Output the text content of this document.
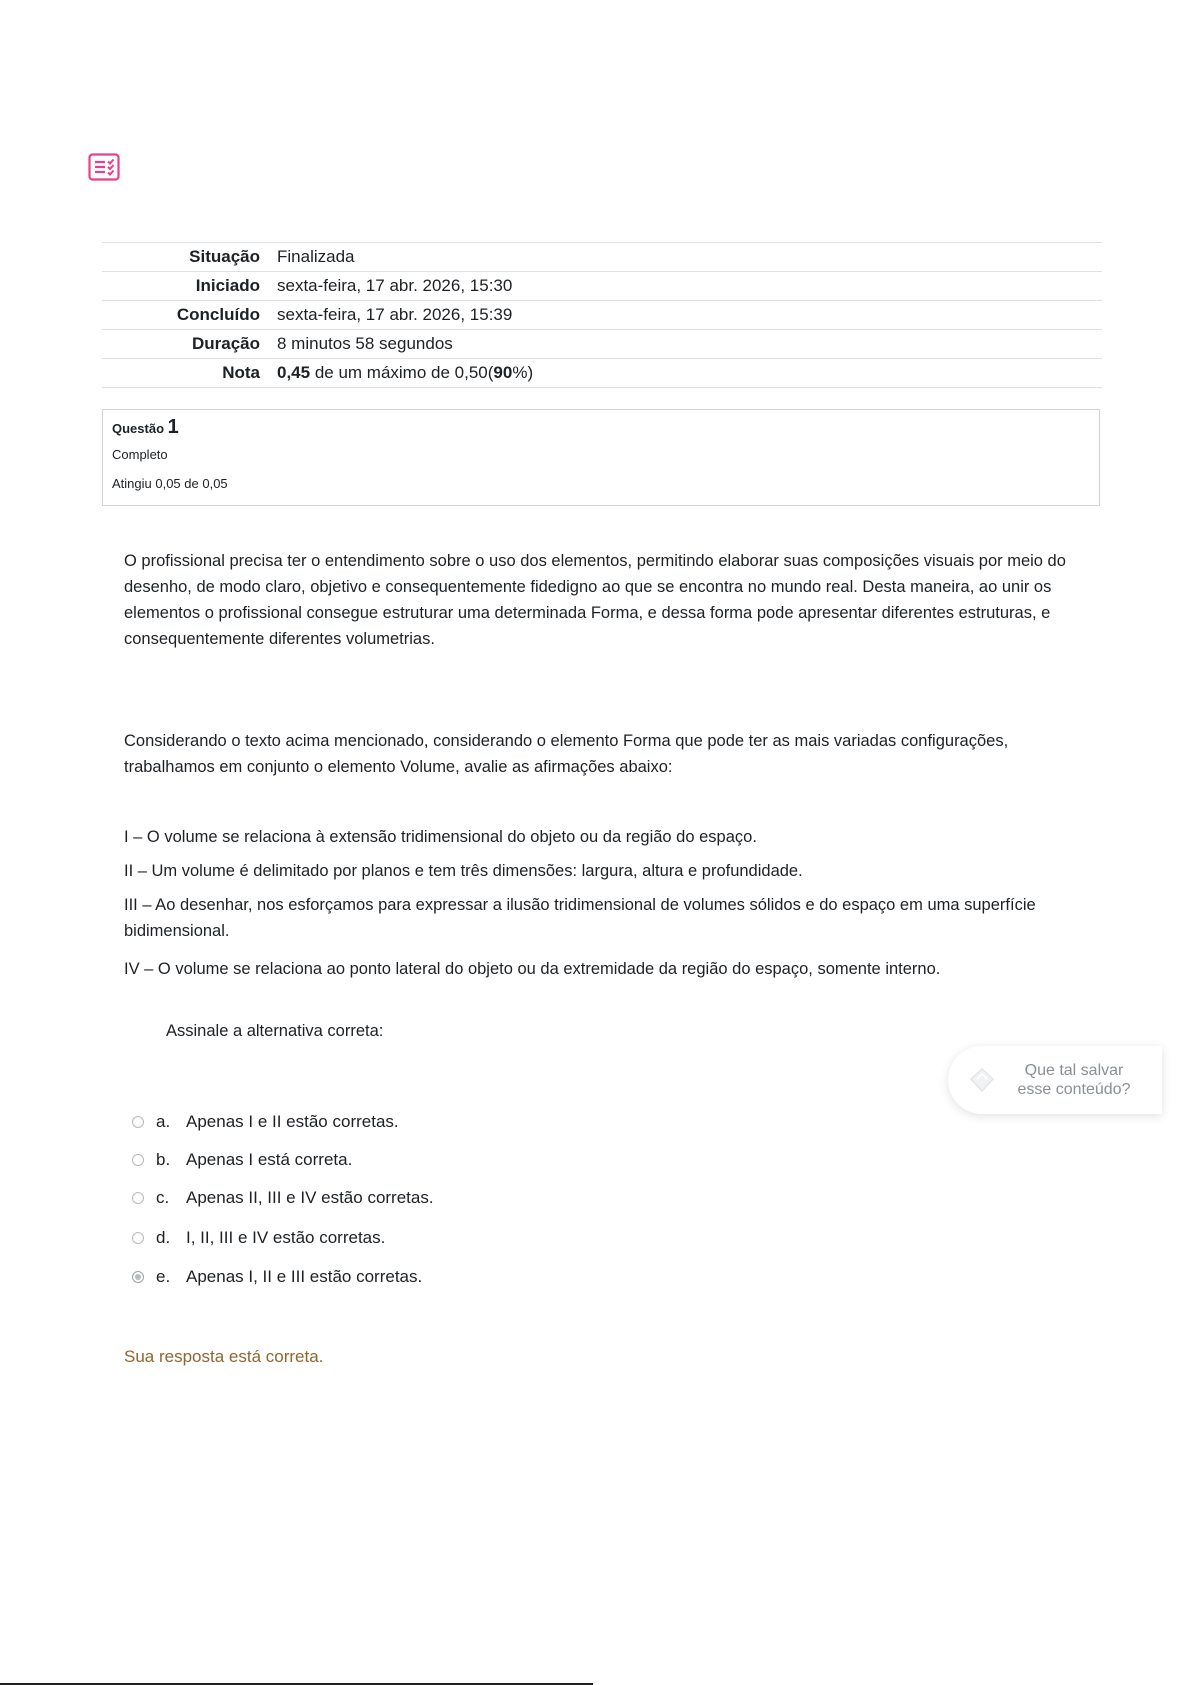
Situação	Finalizada
Iniciado	sexta-feira, 17 abr. 2026, 15:30
Concluído	sexta-feira, 17 abr. 2026, 15:39
Duração	8 minutos 58 segundos
Nota	0,45 de um máximo de 0,50(90%)
Questão 1
Completo
Atingiu 0,05 de 0,05

O profissional precisa ter o entendimento sobre o uso dos elementos, permitindo elaborar suas composições visuais por meio do desenho, de modo claro, objetivo e consequentemente fidedigno ao que se encontra no mundo real. Desta maneira, ao unir os elementos o profissional consegue estruturar uma determinada Forma, e dessa forma pode apresentar diferentes estruturas, e consequentemente diferentes volumetrias.

Considerando o texto acima mencionado, considerando o elemento Forma que pode ter as mais variadas configurações, trabalhamos em conjunto o elemento Volume, avalie as afirmações abaixo:

I – O volume se relaciona à extensão tridimensional do objeto ou da região do espaço.

II – Um volume é delimitado por planos e tem três dimensões: largura, altura e profundidade.

III – Ao desenhar, nos esforçamos para expressar a ilusão tridimensional de volumes sólidos e do espaço em uma superfície bidimensional.

IV – O volume se relaciona ao ponto lateral do objeto ou da extremidade da região do espaço, somente interno.

Assinale a alternativa correta:

a. Apenas I e II estão corretas.
b. Apenas I está correta.
c. Apenas II, III e IV estão corretas.
d. I, II, III e IV estão corretas.
e. Apenas I, II e III estão corretas.
Sua resposta está correta.
Que tal salvar
esse conteúdo?
